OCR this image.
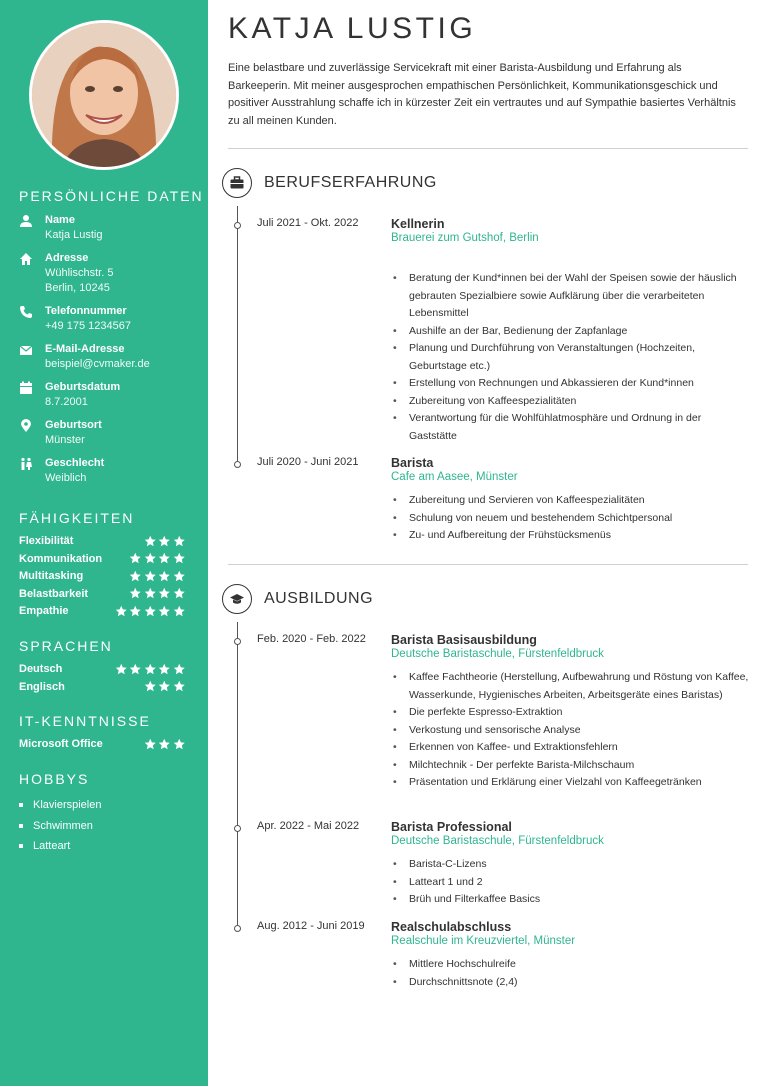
PERSÖNLICHE DATEN
Name
Katja Lustig
Adresse
Wühlischstr. 5
Berlin, 10245
Telefonnummer
+49 175 1234567
E-Mail-Adresse
beispiel@cvmaker.de
Geburtsdatum
8.7.2001
Geburtsort
Münster
Geschlecht
Weiblich
FÄHIGKEITEN
Flexibilität
Kommunikation
Multitasking
Belastbarkeit
Empathie
SPRACHEN
Deutsch
Englisch
IT-KENNTNISSE
Microsoft Office
HOBBYS
Klavierspielen
Schwimmen
Latteart
KATJA LUSTIG
Eine belastbare und zuverlässige Servicekraft mit einer Barista-Ausbildung und Erfahrung als Barkeeperin. Mit meiner ausgesprochen empathischen Persönlichkeit, Kommunikationsgeschick und positiver Ausstrahlung schaffe ich in kürzester Zeit ein vertrautes und auf Sympathie basiertes Verhältnis zu all meinen Kunden.
BERUFSERFAHRUNG
Juli 2021 - Okt. 2022	Kellnerin
Brauerei zum Gutshof, Berlin
• Beratung der Kund*innen bei der Wahl der Speisen sowie der häuslich gebrauten Spezialbiere sowie Aufklärung über die verarbeiteten Lebensmittel
• Aushilfe an der Bar, Bedienung der Zapfanlage
• Planung und Durchführung von Veranstaltungen (Hochzeiten, Geburtstage etc.)
• Erstellung von Rechnungen und Abkassieren der Kund*innen
• Zubereitung von Kaffeespezialitäten
• Verantwortung für die Wohlfühlatmosphäre und Ordnung in der Gaststätte
Juli 2020 - Juni 2021	Barista
Cafe am Aasee, Münster
• Zubereitung und Servieren von Kaffeespezialitäten
• Schulung von neuem und bestehendem Schichtpersonal
• Zu- und Aufbereitung der Frühstücksmenüs
AUSBILDUNG
Feb. 2020 - Feb. 2022 Barista Basisausbildung
Deutsche Baristaschule, Fürstenfeldbruck
• Kaffee Fachtheorie (Herstellung, Aufbewahrung und Röstung von Kaffee, Wasserkunde, Hygienisches Arbeiten, Arbeitsgeräte eines Baristas)
• Die perfekte Espresso-Extraktion
• Verkostung und sensorische Analyse
• Erkennen von Kaffee- und Extraktionsfehlern
• Milchtechnik - Der perfekte Barista-Milchschaum
• Präsentation und Erklärung einer Vielzahl von Kaffeegetränken
Apr. 2022 - Mai 2022	Barista Professional
Deutsche Baristaschule, Fürstenfeldbruck
• Barista-C-Lizens
• Latteart 1 und 2
• Brüh und Filterkaffee Basics
Aug. 2012 - Juni 2019 Realschulabschluss
Realschule im Kreuzviertel, Münster
• Mittlere Hochschulreife
• Durchschnittsnote (2,4)
